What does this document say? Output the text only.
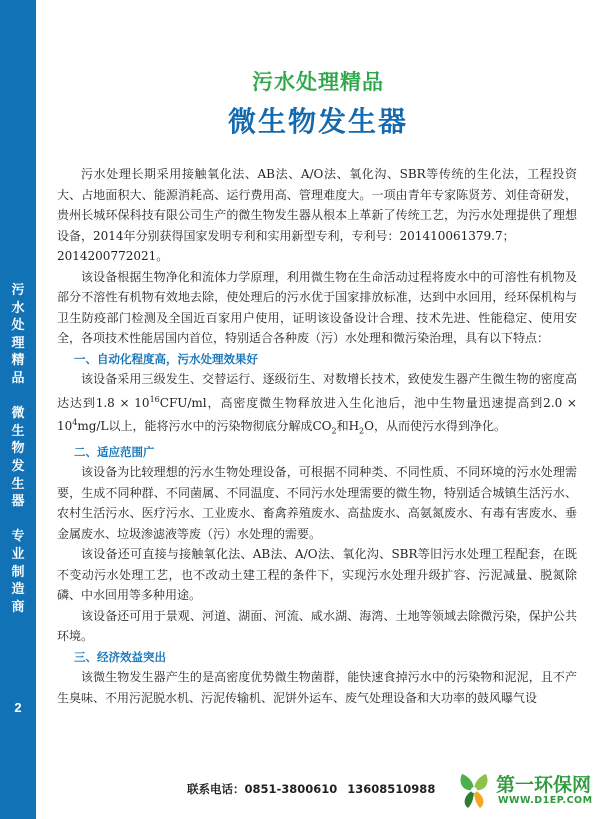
污
水
处
理
精
品
微
生
物
发
生
器
专
业
制
造
商
2
污水处理精品
微生物发生器

污水处理长期采用接触氧化法、AB法、A/O法、氧化沟、SBR等传统的生化法，工程投资大、占地面积大、能源消耗高、运行费用高、管理难度大。一项由青年专家陈贤芳、刘佳奇研发，贵州长城环保科技有限公司生产的微生物发生器从根本上革新了传统工艺，为污水处理提供了理想设备，2014年分别获得国家发明专利和实用新型专利，专利号：201410061379.7；

2014200772021。

该设备根据生物净化和流体力学原理，利用微生物在生命活动过程将废水中的可溶性有机物及部分不溶性有机物有效地去除，使处理后的污水优于国家排放标准，达到中水回用，经环保机构与卫生防疫部门检测及全国近百家用户使用，证明该设备设计合理、技术先进、性能稳定、使用安全，各项技术性能居国内首位，特别适合各种废（污）水处理和微污染治理，具有以下特点：

一、自动化程度高，污水处理效果好

该设备采用三级发生、交替运行、逐级衍生、对数增长技术，致使发生器产生微生物的密度高达达到$1.8 \times 10^{16}CFU/ml$，高密度微生物释放进入生化池后，池中生物量迅速提高到$2.0 \times 10^4mg/L$以上，能将污水中的污染物彻底分解成$CO_2$和$H_2O$，从而使污水得到净化。

二、适应范围广

该设备为比较理想的污水生物处理设备，可根据不同种类、不同性质、不同环境的污水处理需要，生成不同种群、不同菌属、不同温度、不同污水处理需要的微生物，特别适合城镇生活污水、农村生活污水、医疗污水、工业废水、畜禽养殖废水、高盐废水、高氨氮废水、有毒有害废水、垂金属废水、垃圾渗滤液等废（污）水处理的需要。

该设备还可直接与接触氧化法、AB法、A/O法、氧化沟、SBR等旧污水处理工程配套，在既不变动污水处理工艺，也不改动土建工程的条件下，实现污水处理升级扩容、污泥减量、脱氮除磷、中水回用等多种用途。

该设备还可用于景观、河道、湖面、河流、咸水湖、海湾、土地等领域去除微污染，保护公共环境。

三、经济效益突出

该微生物发生器产生的是高密度优势微生物菌群，能快速食掉污水中的污染物和泥泥，且不产生臭味、不用污泥脱水机、污泥传输机、泥饼外运车、废气处理设备和大功率的鼓风曝气设

联系电话：0851-3800610 13608510988	第一环保网
WWW.D1EP.COM
